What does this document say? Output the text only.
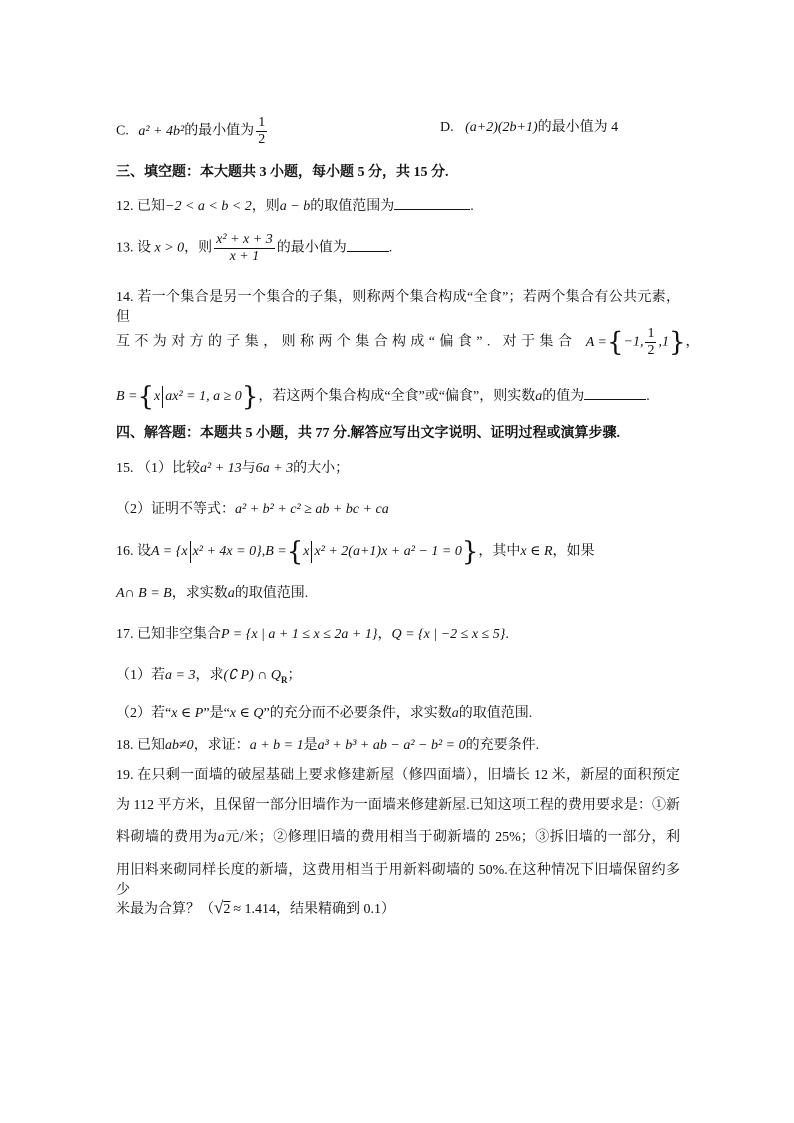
C. a² + 4b²的最小值为 $\frac{1}{2}$	D. (a+2)(2b+1)的最小值为 4
三、填空题：本大题共 3 小题，每小题 5 分，共 15 分.
12. 已知−2 < a < b < 2，则a − b的取值范围为	.
13. 设 x > 0，则 $\frac{\text{x² + x + 3}}{x + 1}$ 的最小值为	.
14. 若一个集合是另一个集合的子集，则称两个集合构成“全食”；若两个集合有公共元素，但
互不为对方的子集，则称两个集合构成“偏食”. 对于集合 A ={−1, $\frac{1}{2} ,1$}，
B ={x ax² = 1, a ≥ 0}，若这两个集合构成“全食”或“偏食”，则实数a的值为	.
四、解答题：本题共 5 小题，共 77 分.解答应写出文字说明、证明过程或演算步骤.
15. （1）比较a² + 13与6a + 3的大小；
（2）证明不等式：a² + b² + c² ≥ ab + bc + ca
16. 设A = {x x² + 4x = 0},B ={x x² + 2(a+1)x + a² − 1 = 0}，其中x ∈ R，如果
A∩ B = B，求实数a的取值范围.
17. 已知非空集合P = {x | a + 1 ≤ x ≤ 2a + 1}，Q = {x | −2 ≤ x ≤ 5}.
（1）若a = 3，求(∁ P) ∩ $Q_R$；
（2）若“x ∈ P”是“x ∈ Q”的充分而不必要条件，求实数a的取值范围.
18. 已知ab≠0，求证：a + b = 1是a³ + b³ + ab − a² − b² = 0的充要条件.
19. 在只剩一面墙的破屋基础上要求修建新屋（修四面墙），旧墙长 12 米，新屋的面积预定
为 112 平方米，且保留一部分旧墙作为一面墙来修建新屋.已知这项工程的费用要求是：①新
料砌墙的费用为a元/米；②修理旧墙的费用相当于砌新墙的 25%；③拆旧墙的一部分，利
用旧料来砌同样长度的新墙，这费用相当于用新料砌墙的 50%.在这种情况下旧墙保留约多少
米最为合算？（√2 ≈ 1.414，结果精确到 0.1）
